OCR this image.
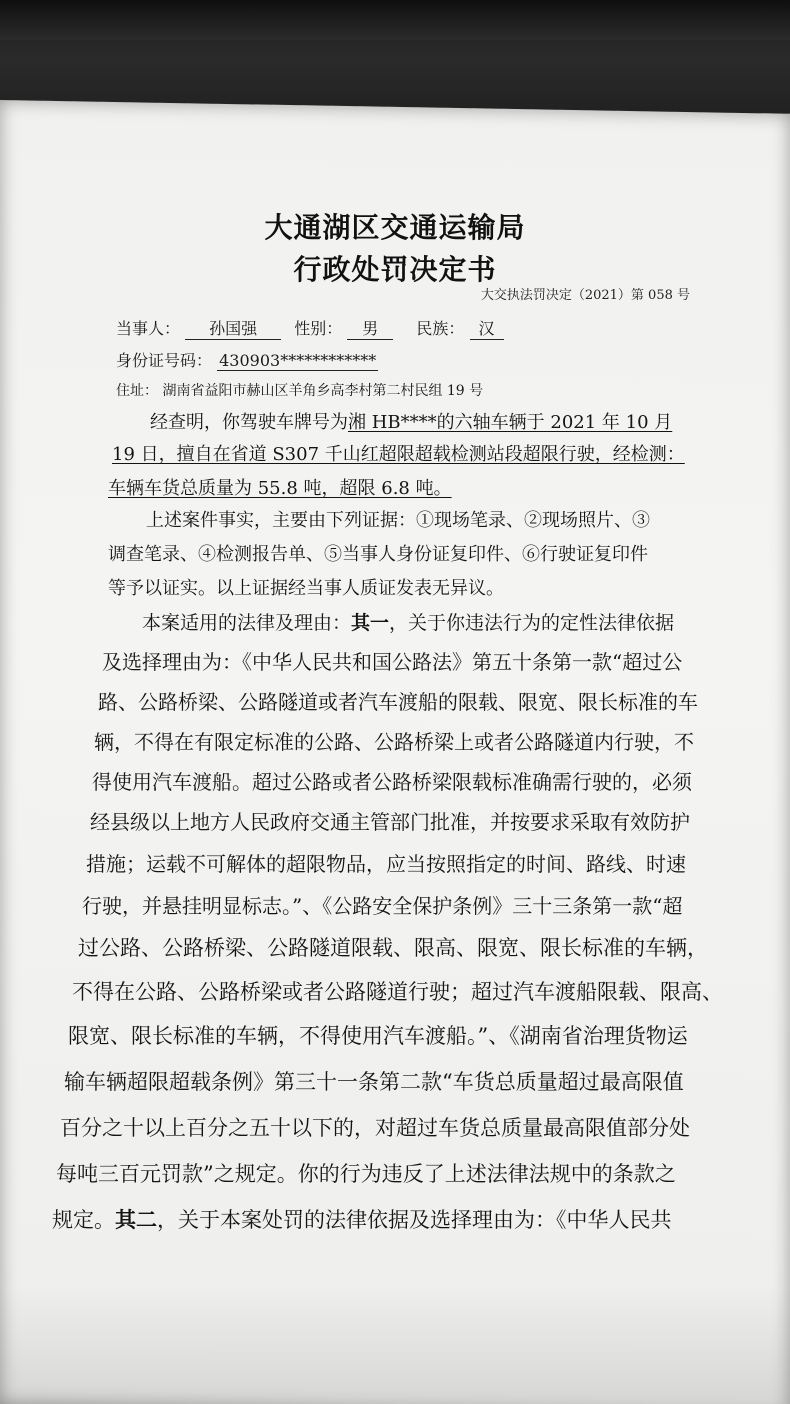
大通湖区交通运输局
行政处罚决定书
大交执法罚决定（2021）第 058 号
当事人： 孙国强 性别： 男 民族： 汉
身份证号码： 430903************
住址： 湖南省益阳市赫山区羊角乡高李村第二村民组 19 号
经查明，你驾驶车牌号为湘 HB****的六轴车辆于 2021 年 10 月
19 日，擅自在省道 S307 千山红超限超载检测站段超限行驶，经检测：
车辆车货总质量为 55.8 吨，超限 6.8 吨。
上述案件事实，主要由下列证据：①现场笔录、②现场照片、③
调查笔录、④检测报告单、⑤当事人身份证复印件、⑥行驶证复印件
等予以证实。以上证据经当事人质证发表无异议。
本案适用的法律及理由：其一，关于你违法行为的定性法律依据
及选择理由为：《中华人民共和国公路法》第五十条第一款“超过公
路、公路桥梁、公路隧道或者汽车渡船的限载、限宽、限长标准的车
辆，不得在有限定标准的公路、公路桥梁上或者公路隧道内行驶，不
得使用汽车渡船。超过公路或者公路桥梁限载标准确需行驶的，必须
经县级以上地方人民政府交通主管部门批准，并按要求采取有效防护
措施；运载不可解体的超限物品，应当按照指定的时间、路线、时速
行驶，并悬挂明显标志。”、《公路安全保护条例》三十三条第一款“超
过公路、公路桥梁、公路隧道限载、限高、限宽、限长标准的车辆，
不得在公路、公路桥梁或者公路隧道行驶；超过汽车渡船限载、限高、
限宽、限长标准的车辆，不得使用汽车渡船。”、《湖南省治理货物运
输车辆超限超载条例》第三十一条第二款“车货总质量超过最高限值
百分之十以上百分之五十以下的，对超过车货总质量最高限值部分处
每吨三百元罚款”之规定。你的行为违反了上述法律法规中的条款之
规定。其二，关于本案处罚的法律依据及选择理由为：《中华人民共
